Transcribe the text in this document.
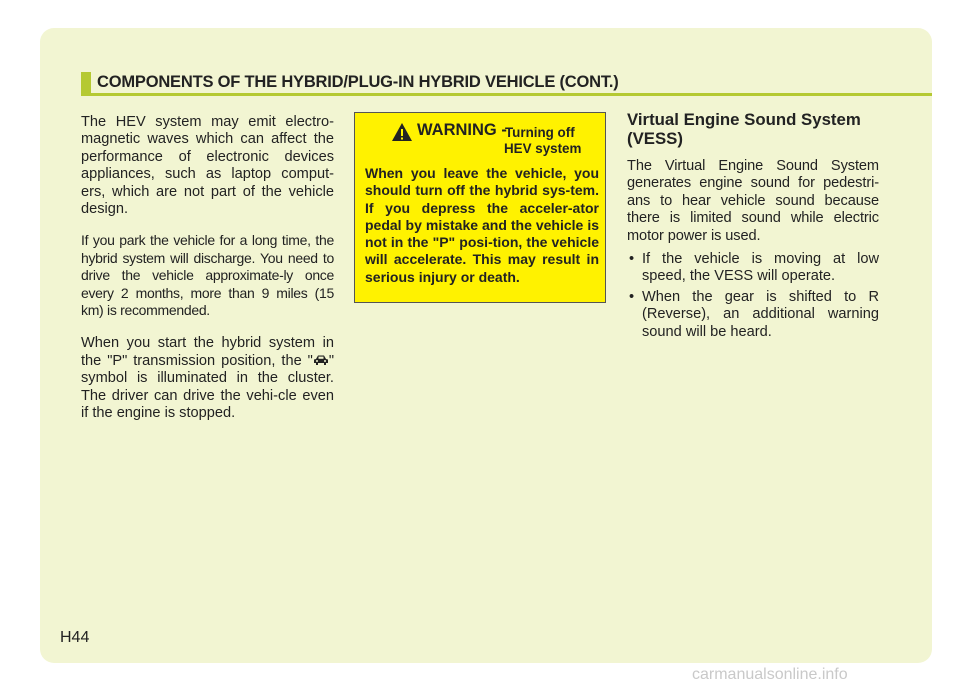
COMPONENTS OF THE HYBRID/PLUG-IN HYBRID VEHICLE (CONT.)

The HEV system may emit electro-magnetic waves which can affect the performance of electronic devices appliances, such as laptop comput-ers, which are not part of the vehicle design.

If you park the vehicle for a long time, the hybrid system will discharge. You need to drive the vehicle approximate-ly once every 2 months, more than 9 miles (15 km) is recommended.

When you start the hybrid system in the "P" transmission position, the " " symbol is illuminated in the cluster. The driver can drive the vehi-cle even if the engine is stopped.

WARNING -
Turning off
HEV system
When you leave the vehicle, you should turn off the hybrid sys-tem. If you depress the acceler-ator pedal by mistake and the vehicle is not in the "P" posi-tion, the vehicle will accelerate. This may result in serious injury or death.
Virtual Engine Sound System (VESS)

The Virtual Engine Sound System generates engine sound for pedestri-ans to hear vehicle sound because there is limited sound while electric motor power is used.

• If the vehicle is moving at low speed, the VESS will operate.
• When the gear is shifted to R (Reverse), an additional warning sound will be heard.
H44
carmanualsonline.info
